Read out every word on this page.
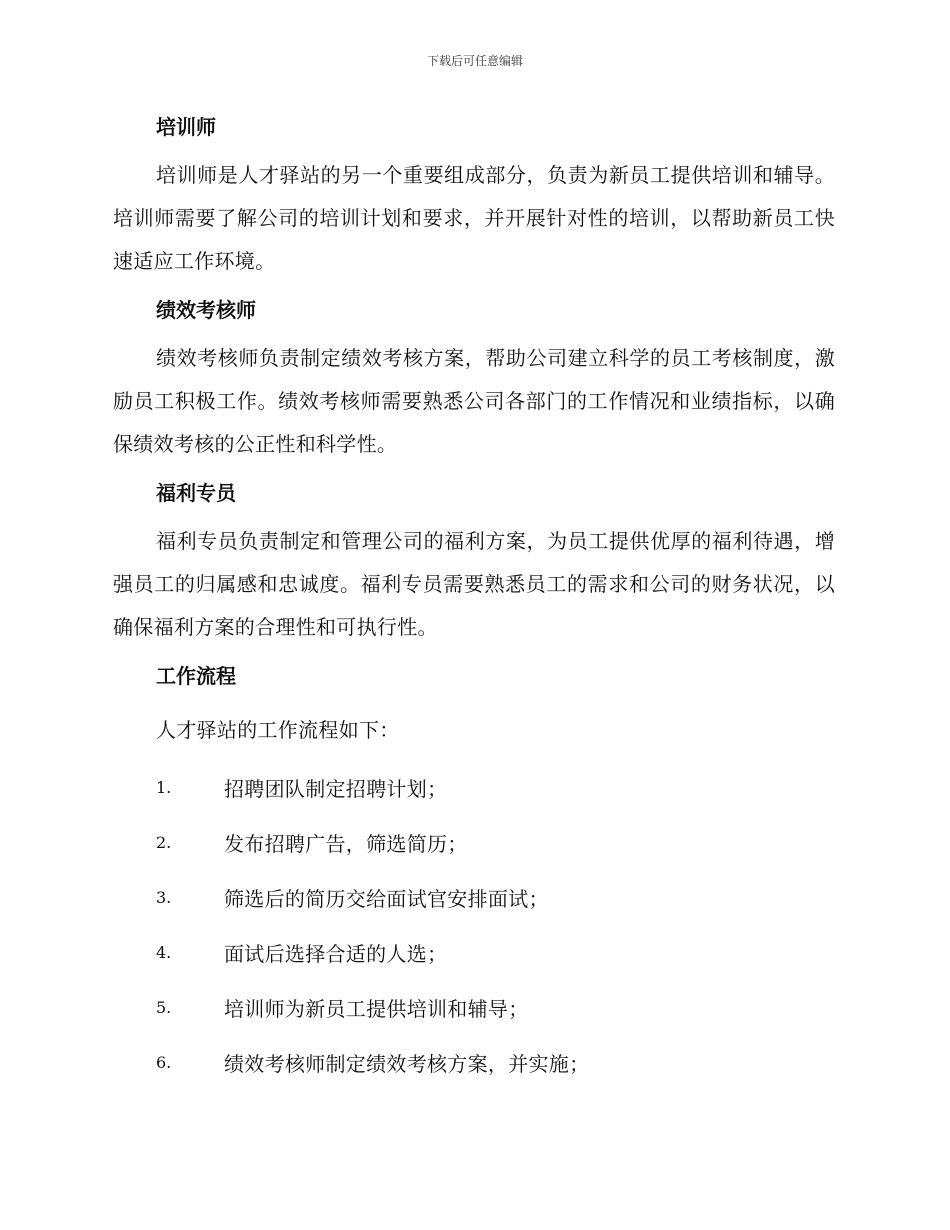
下载后可任意编辑
培训师

培训师是人才驿站的另一个重要组成部分，负责为新员工提供培训和辅导。培训师需要了解公司的培训计划和要求，并开展针对性的培训，以帮助新员工快速适应工作环境。

绩效考核师

绩效考核师负责制定绩效考核方案，帮助公司建立科学的员工考核制度，激励员工积极工作。绩效考核师需要熟悉公司各部门的工作情况和业绩指标，以确保绩效考核的公正性和科学性。

福利专员

福利专员负责制定和管理公司的福利方案，为员工提供优厚的福利待遇，增强员工的归属感和忠诚度。福利专员需要熟悉员工的需求和公司的财务状况，以确保福利方案的合理性和可执行性。

工作流程

人才驿站的工作流程如下：

1.	招聘团队制定招聘计划；
2.	发布招聘广告，筛选简历；
3.	筛选后的简历交给面试官安排面试；
4.	面试后选择合适的人选；
5.	培训师为新员工提供培训和辅导；
6.	绩效考核师制定绩效考核方案，并实施；
